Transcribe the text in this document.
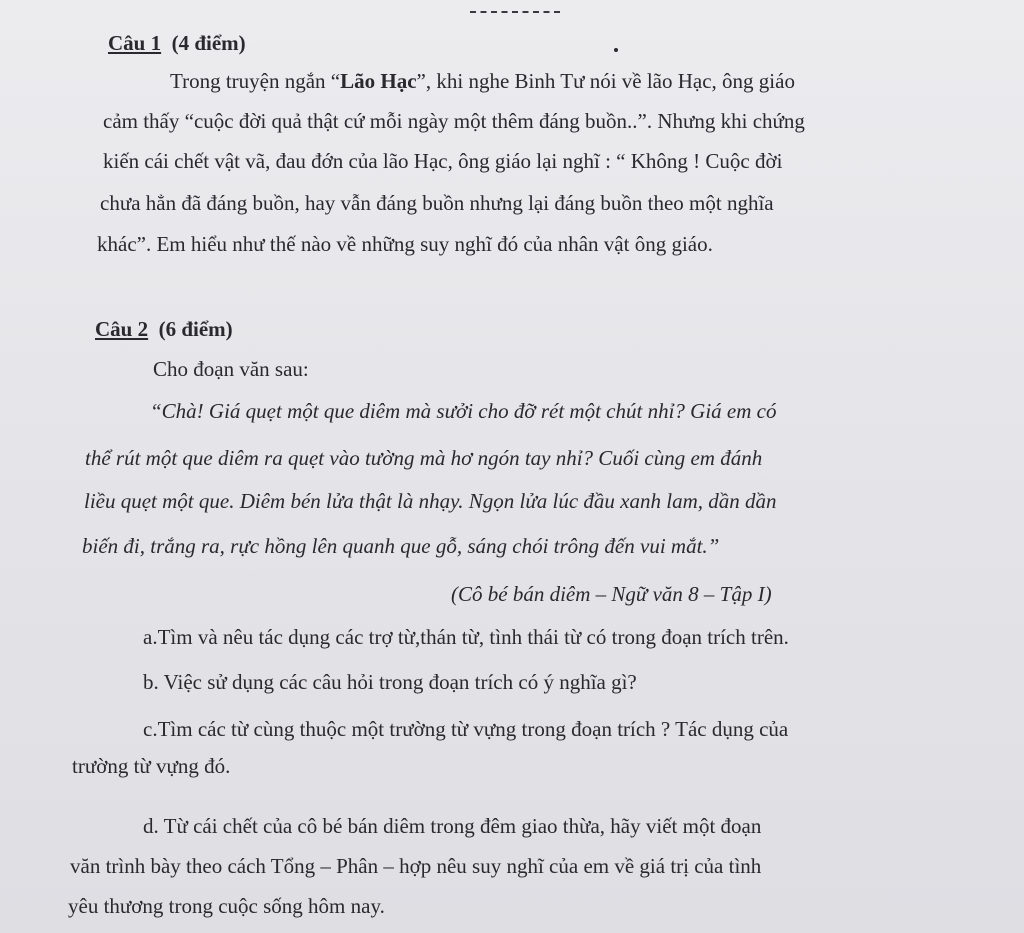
Câu 1 (4 điểm)

Trong truyện ngắn “Lão Hạc”, khi nghe Binh Tư nói về lão Hạc, ông giáo

cảm thấy “cuộc đời quả thật cứ mỗi ngày một thêm đáng buồn..”. Nhưng khi chứng

kiến cái chết vật vã, đau đớn của lão Hạc, ông giáo lại nghĩ : “ Không ! Cuộc đời

chưa hẳn đã đáng buồn, hay vẫn đáng buồn nhưng lại đáng buồn theo một nghĩa

khác”. Em hiểu như thế nào về những suy nghĩ đó của nhân vật ông giáo.

Câu 2 (6 điểm)

Cho đoạn văn sau:

“Chà! Giá quẹt một que diêm mà sưởi cho đỡ rét một chút nhỉ? Giá em có

thể rút một que diêm ra quẹt vào tường mà hơ ngón tay nhỉ? Cuối cùng em đánh

liều quẹt một que. Diêm bén lửa thật là nhạy. Ngọn lửa lúc đầu xanh lam, dần dần

biến đi, trắng ra, rực hồng lên quanh que gỗ, sáng chói trông đến vui mắt.”

(Cô bé bán diêm – Ngữ văn 8 – Tập I)

a.Tìm và nêu tác dụng các trợ từ,thán từ, tình thái từ có trong đoạn trích trên.

b. Việc sử dụng các câu hỏi trong đoạn trích có ý nghĩa gì?

c.Tìm các từ cùng thuộc một trường từ vựng trong đoạn trích ? Tác dụng của

trường từ vựng đó.

d. Từ cái chết của cô bé bán diêm trong đêm giao thừa, hãy viết một đoạn

văn trình bày theo cách Tổng – Phân – hợp nêu suy nghĩ của em về giá trị của tình

yêu thương trong cuộc sống hôm nay.
